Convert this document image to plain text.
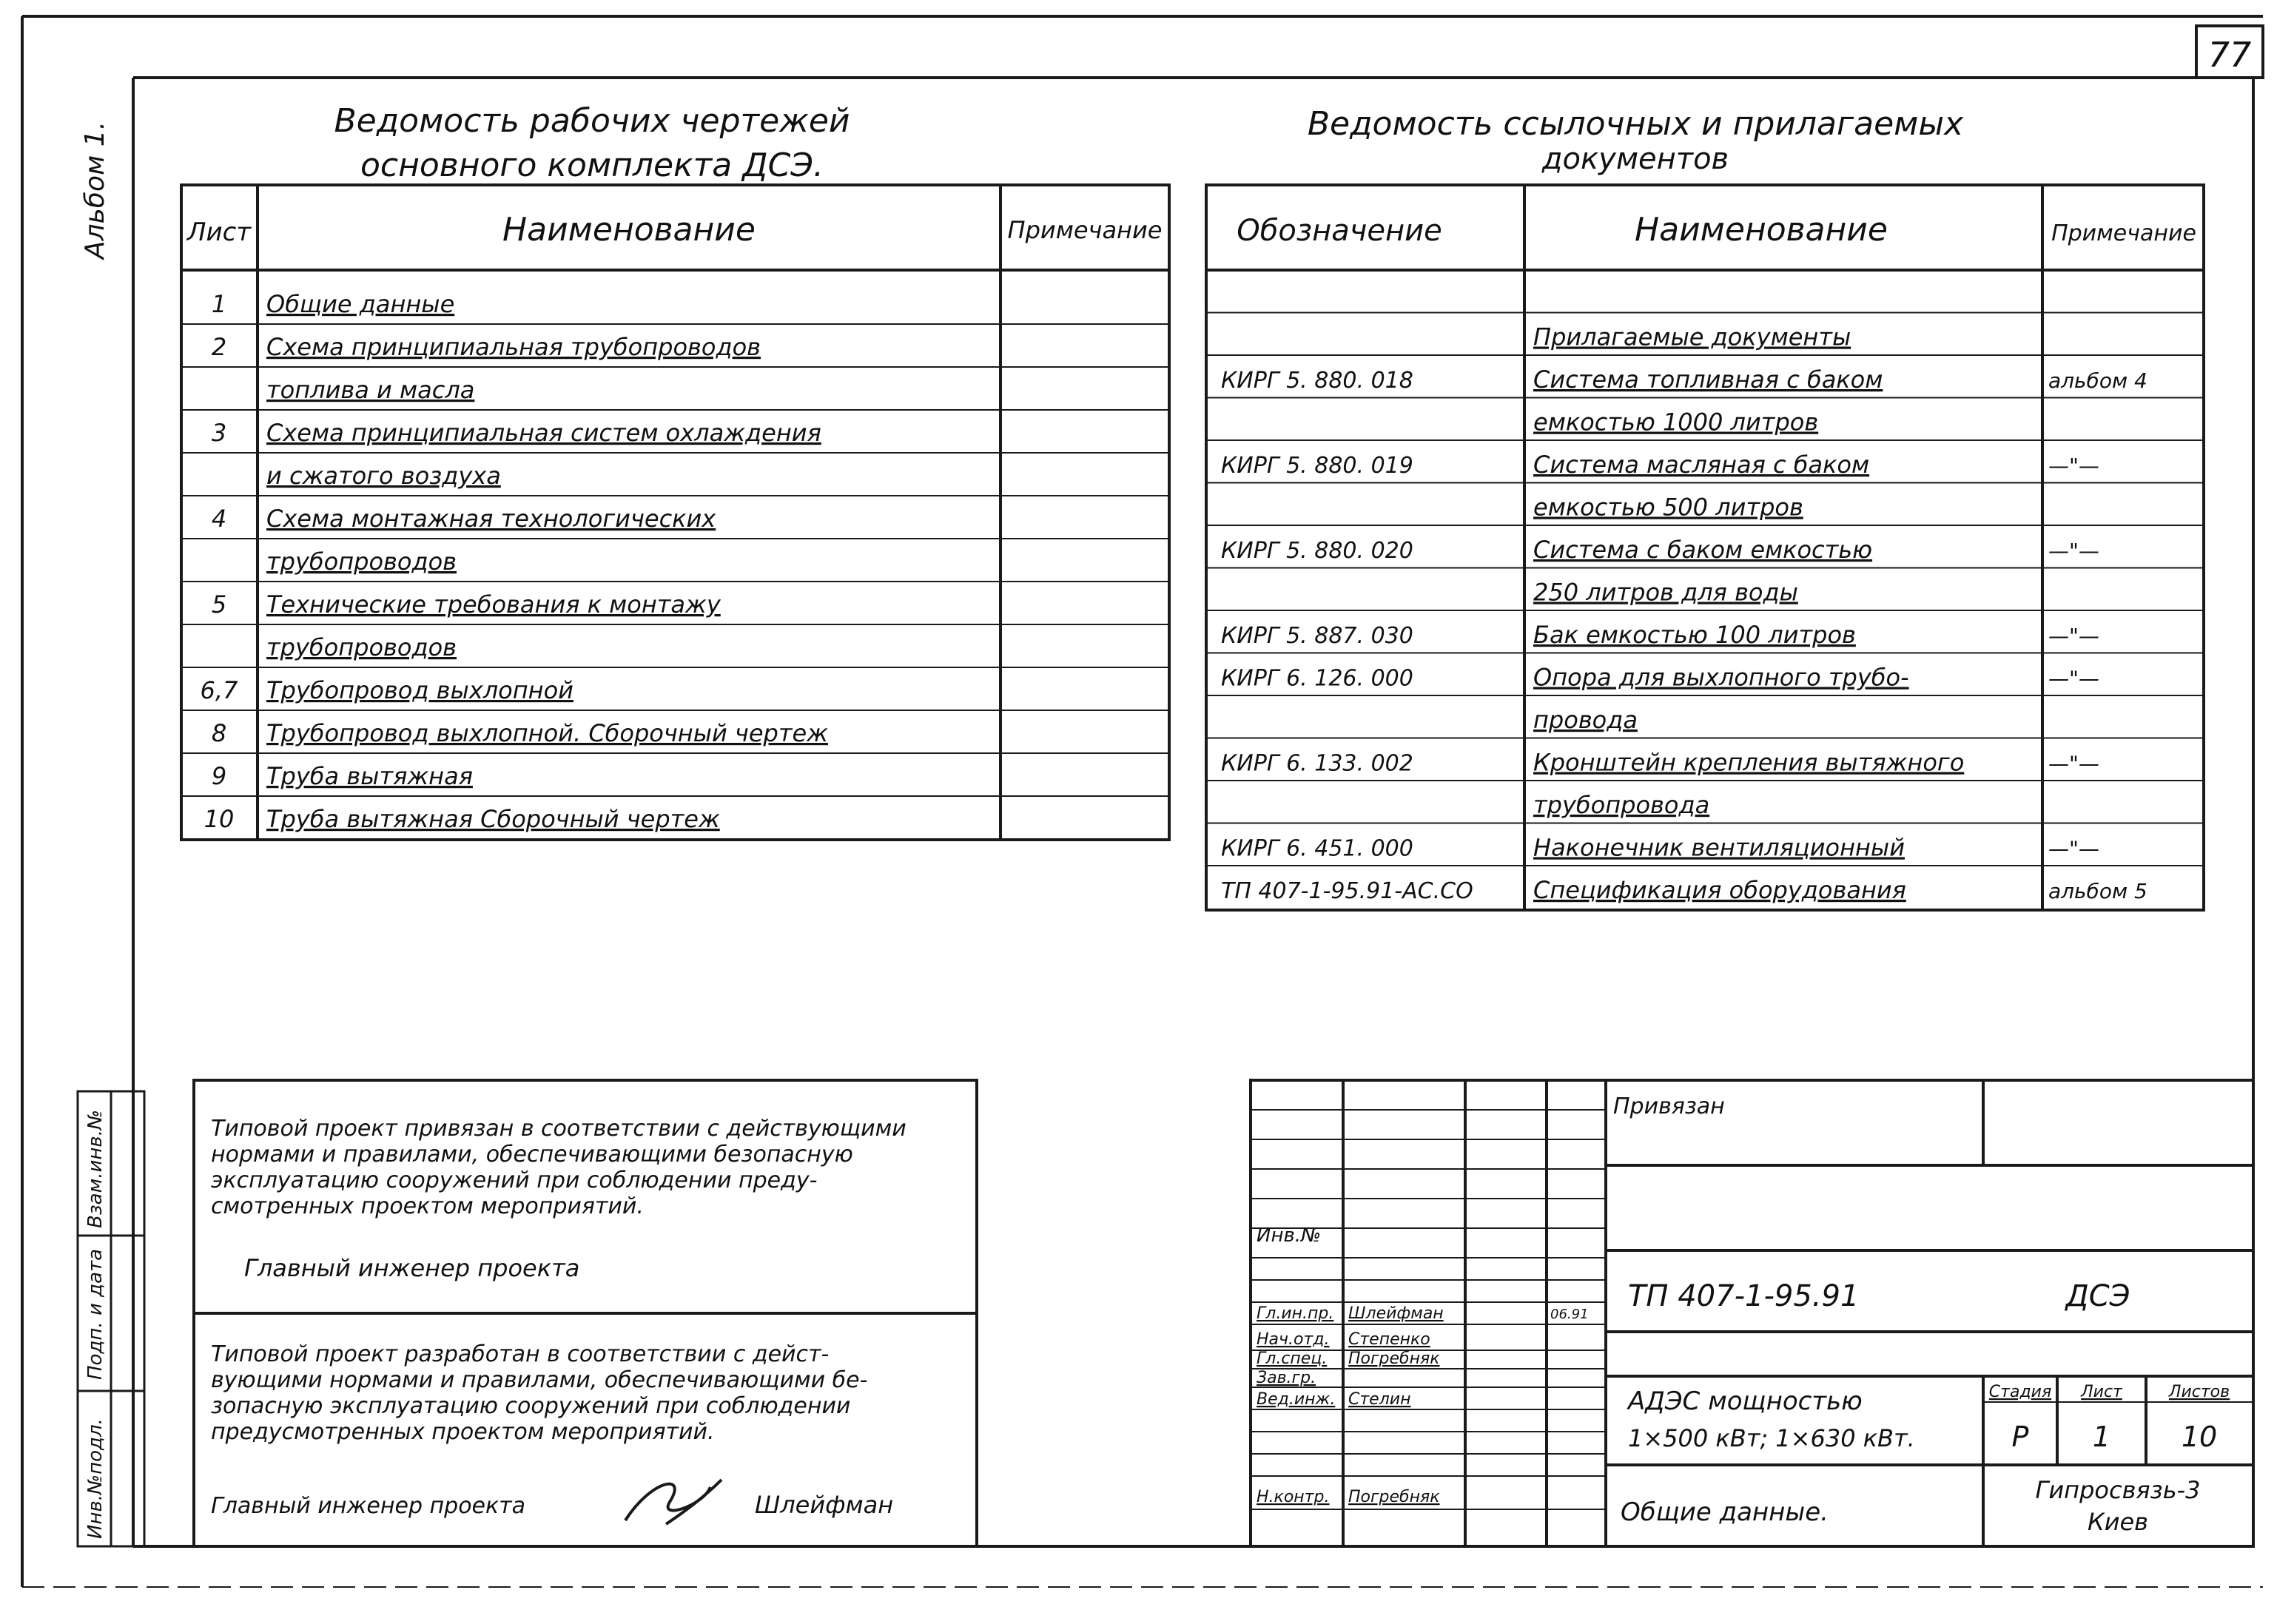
77
Альбом 1.
Инв.№подл.
Подп. и дата
Взам.инв.№
Ведомость рабочих чертежей
основного комплекта ДСЭ.
Лист	Наименование	Примечание
1 Общие данные
2 Схема принципиальная трубопроводов
топлива и масла
3 Схема принципиальная систем охлаждения
и сжатого воздуха
4 Схема монтажная технологических
трубопроводов
5 Технические требования к монтажу
трубопроводов
6,7 Трубопровод выхлопной
8 Трубопровод выхлопной. Сборочный чертеж
9 Труба вытяжная
10 Труба вытяжная Сборочный чертеж
Ведомость ссылочных и прилагаемых
документов
Обозначение	Наименование	Примечание
Прилагаемые документы
КИРГ 5. 880. 018	Система топливная с баком	альбом 4
емкостью 1000 литров
КИРГ 5. 880. 019	Система масляная с баком	—"—
емкостью 500 литров
КИРГ 5. 880. 020	Система с баком емкостью	—"—
250 литров для воды
КИРГ 5. 887. 030	Бак емкостью 100 литров	—"—
КИРГ 6. 126. 000	Опора для выхлопного трубо-	—"—
провода
КИРГ 6. 133. 002	Кронштейн крепления вытяжного	—"—
трубопровода
КИРГ 6. 451. 000	Наконечник вентиляционный	—"—
ТП 407-1-95.91-АС.СО	Спецификация оборудования	альбом 5
Типовой проект привязан в соответствии с действующими
нормами и правилами, обеспечивающими безопасную
эксплуатацию сооружений при соблюдении преду-
смотренных проектом мероприятий.
Главный инженер проекта
Типовой проект разработан в соответствии с дейст-
вующими нормами и правилами, обеспечивающими бе-
зопасную эксплуатацию сооружений при соблюдении
предусмотренных проектом мероприятий.
Главный инженер проекта	Шлейфман
Привязан
Инв.№
ТП 407-1-95.91	ДСЭ
АДЭС мощностью
1×500 кВт; 1×630 кВт.
Общие данные.
Стадия Лист	Листов
Р 1	10
Гипросвязь-3
Киев
Гл.ин.пр. Шлейфман	06.91
Нач.отд. Степенко
Гл.спец. Погребняк
Зав.гр.
Вед.инж. Стелин
Н.контр. Погребняк
